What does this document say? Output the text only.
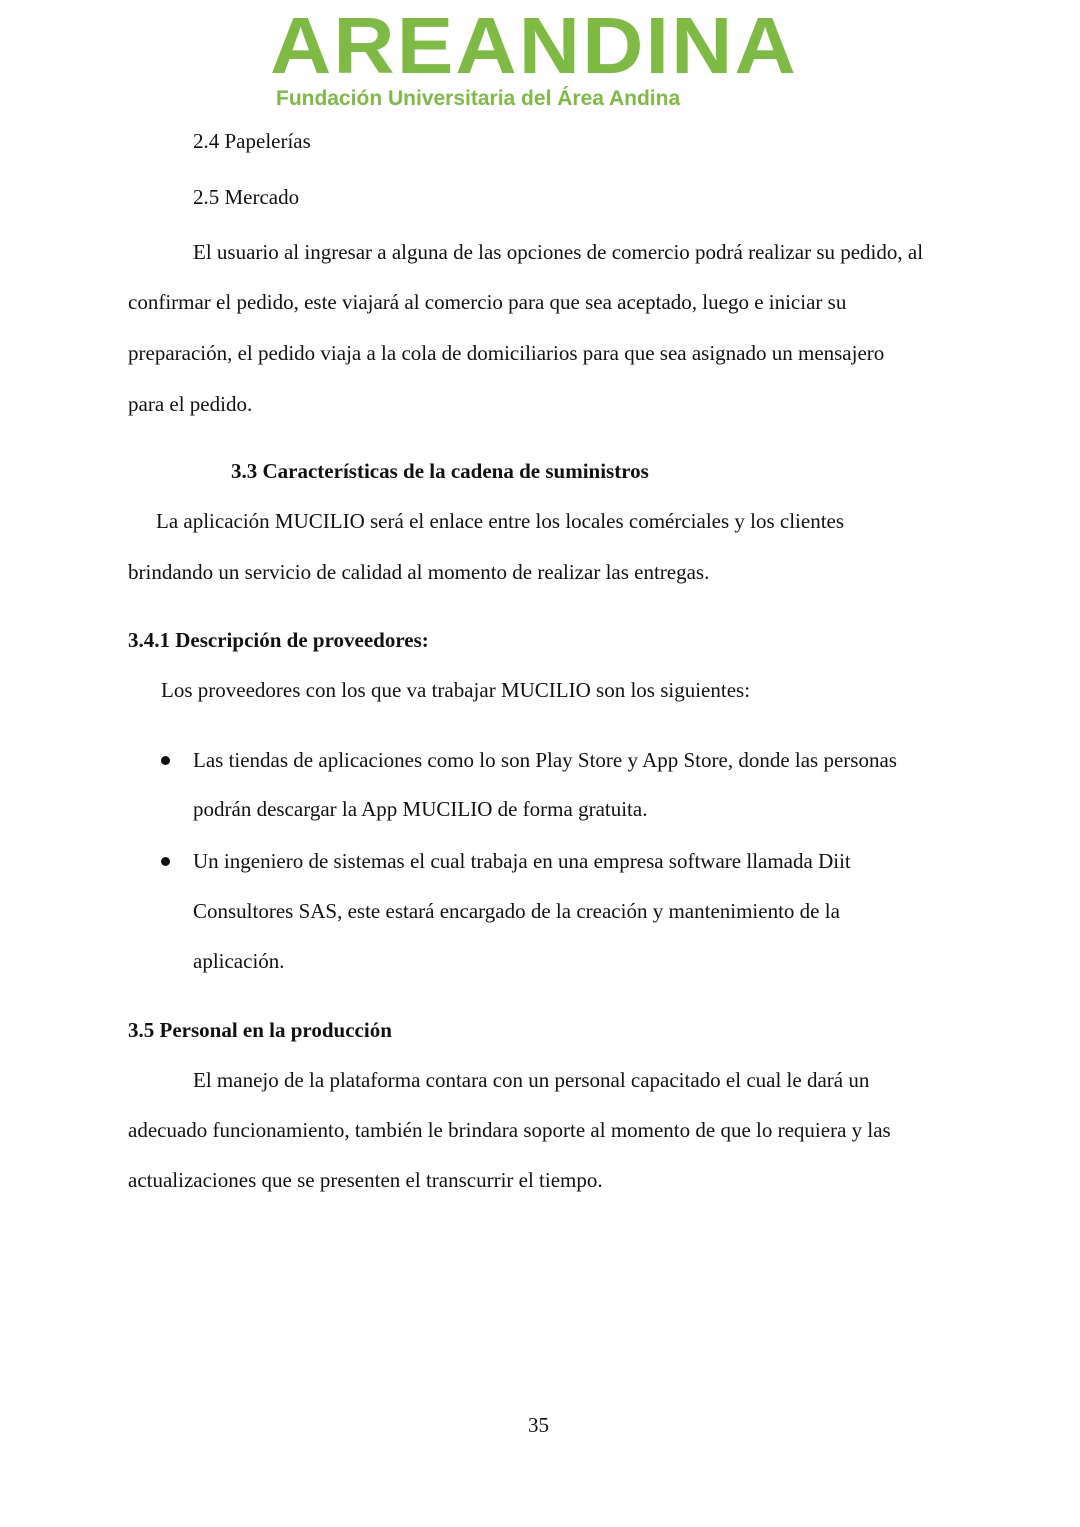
AREANDINA
Fundación Universitaria del Área Andina
2.4 Papelerías
2.5 Mercado
El usuario al ingresar a alguna de las opciones de comercio podrá realizar su pedido, al
confirmar el pedido, este viajará al comercio para que sea aceptado, luego e iniciar su
preparación, el pedido viaja a la cola de domiciliarios para que sea asignado un mensajero
para el pedido.
3.3 Características de la cadena de suministros
La aplicación MUCILIO será el enlace entre los locales comérciales y los clientes
brindando un servicio de calidad al momento de realizar las entregas.
3.4.1 Descripción de proveedores:
Los proveedores con los que va trabajar MUCILIO son los siguientes:
Las tiendas de aplicaciones como lo son Play Store y App Store, donde las personas
podrán descargar la App MUCILIO de forma gratuita.
Un ingeniero de sistemas el cual trabaja en una empresa software llamada Diit
Consultores SAS, este estará encargado de la creación y mantenimiento de la
aplicación.
3.5 Personal en la producción
El manejo de la plataforma contara con un personal capacitado el cual le dará un
adecuado funcionamiento, también le brindara soporte al momento de que lo requiera y las
actualizaciones que se presenten el transcurrir el tiempo.
35
